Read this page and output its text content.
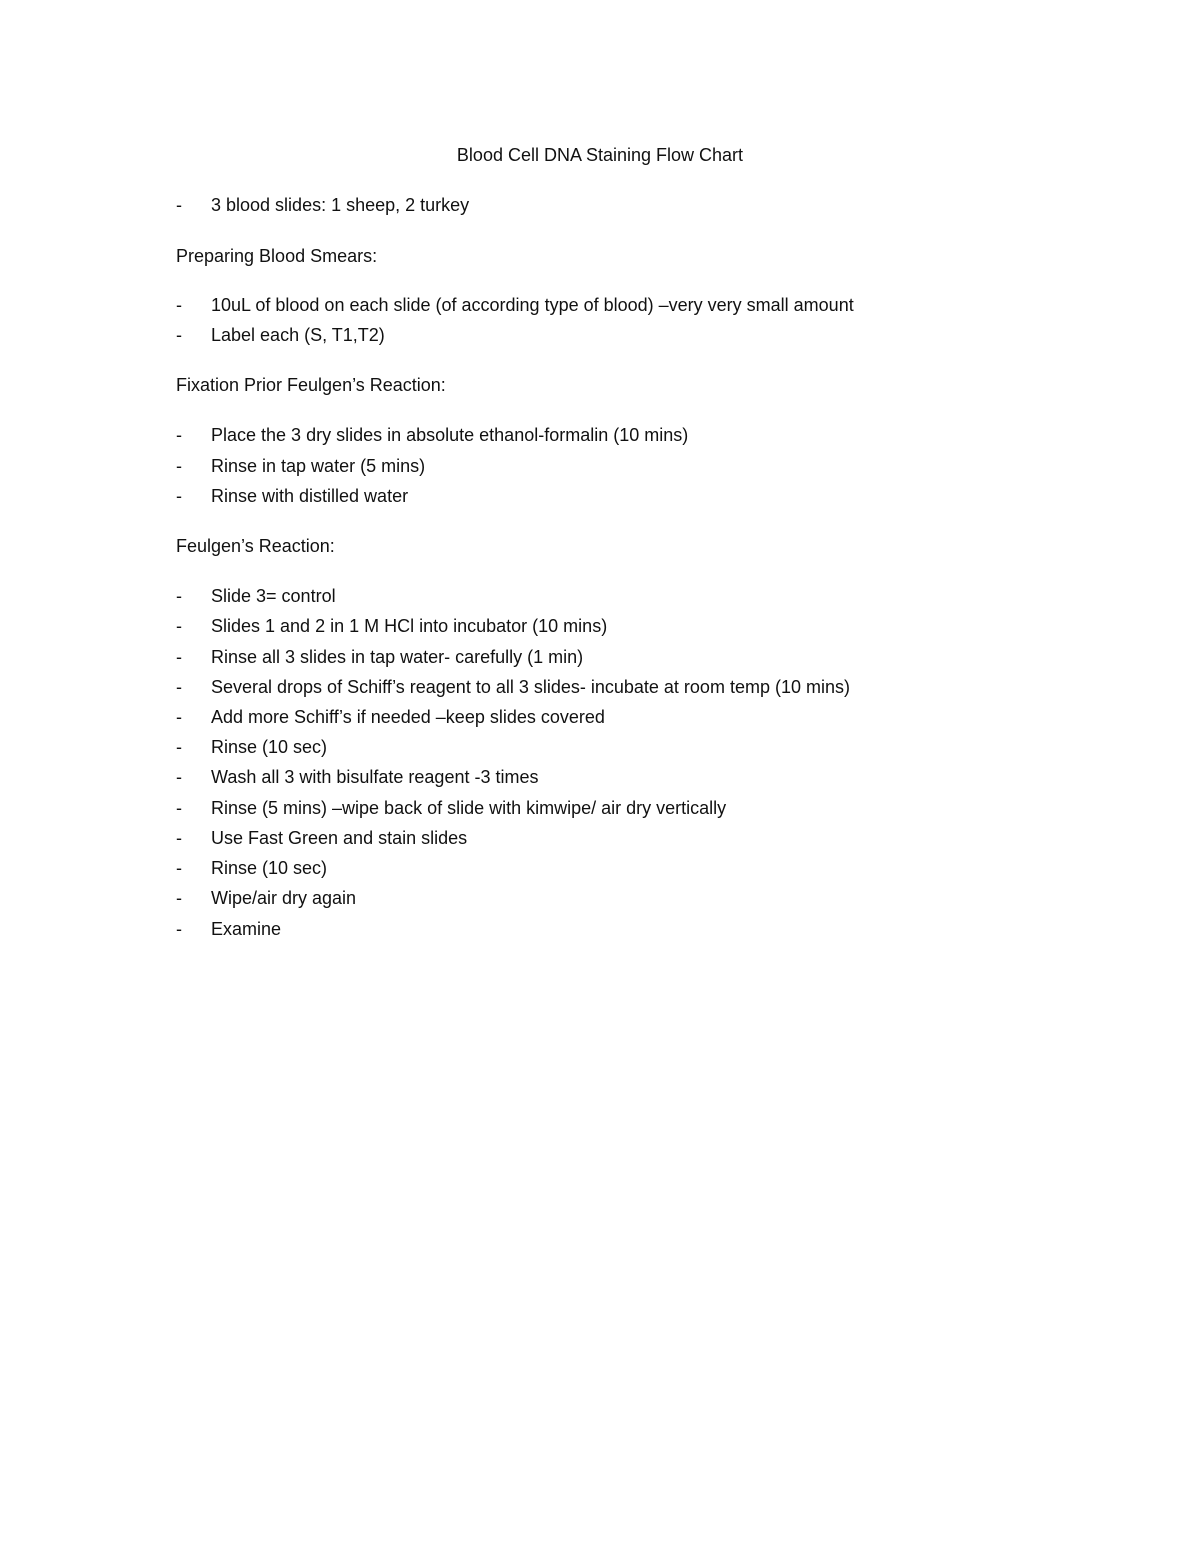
Blood Cell DNA Staining Flow Chart
- 3 blood slides: 1 sheep, 2 turkey
Preparing Blood Smears:
- 10uL of blood on each slide (of according type of blood) –very very small amount
- Label each (S, T1,T2)
Fixation Prior Feulgen’s Reaction:
- Place the 3 dry slides in absolute ethanol-formalin (10 mins)
- Rinse in tap water (5 mins)
- Rinse with distilled water
Feulgen’s Reaction:
- Slide 3= control
- Slides 1 and 2 in 1 M HCl into incubator (10 mins)
- Rinse all 3 slides in tap water- carefully (1 min)
- Several drops of Schiff’s reagent to all 3 slides- incubate at room temp (10 mins)
- Add more Schiff’s if needed –keep slides covered
- Rinse (10 sec)
- Wash all 3 with bisulfate reagent -3 times
- Rinse (5 mins) –wipe back of slide with kimwipe/ air dry vertically
- Use Fast Green and stain slides
- Rinse (10 sec)
- Wipe/air dry again
- Examine
